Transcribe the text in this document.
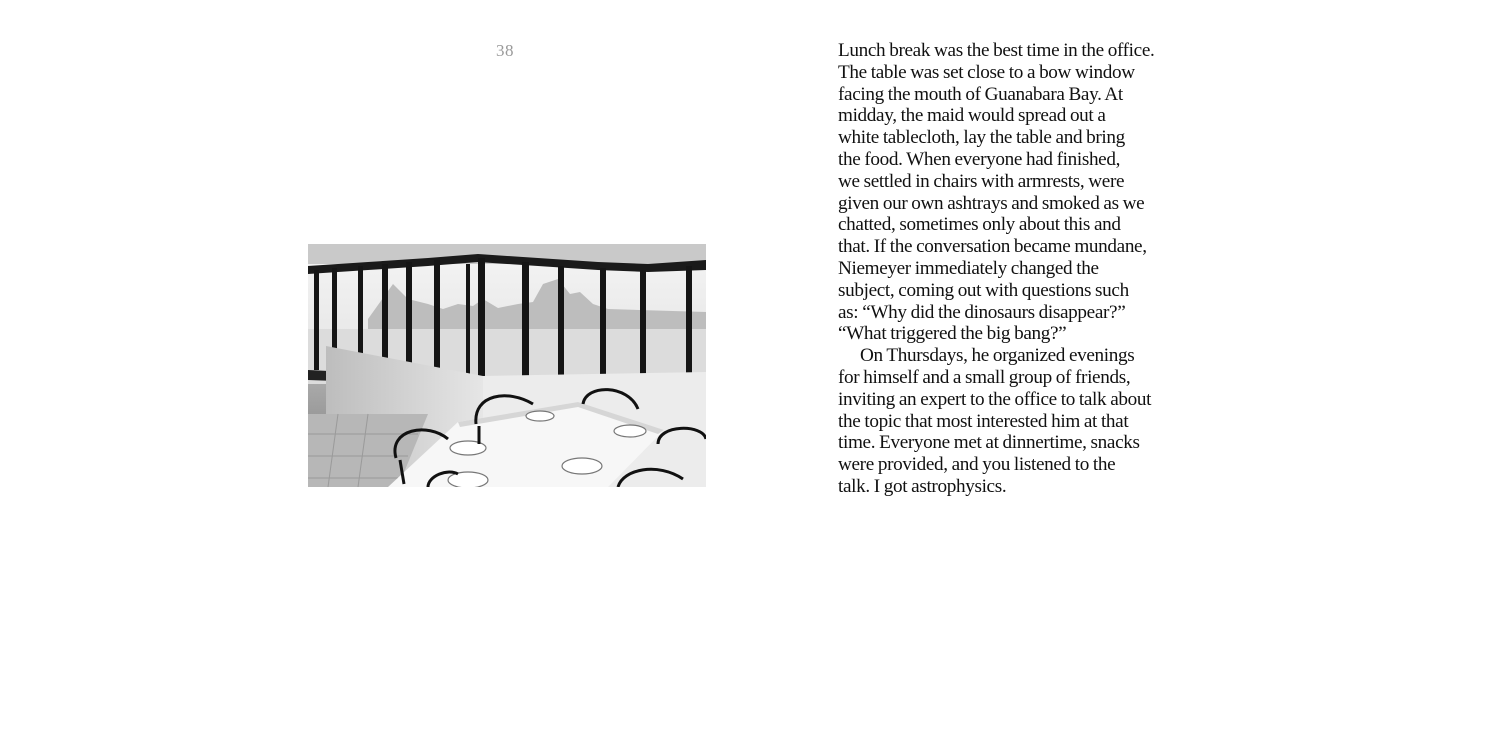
38	Lunch break was the best time in the office.
The table was set close to a bow window
facing the mouth of Guanabara Bay. At
midday, the maid would spread out a
white tablecloth, lay the table and bring
the food. When everyone had finished,
we settled in chairs with armrests, were
given our own ashtrays and smoked as we
chatted, sometimes only about this and
that. If the conversation became mundane,
Niemeyer immediately changed the
subject, coming out with questions such
as: “Why did the dinosaurs disappear?”
“What triggered the big bang?”
On Thursdays, he organized evenings
for himself and a small group of friends,
inviting an expert to the office to talk about
the topic that most interested him at that
time. Everyone met at dinnertime, snacks
were provided, and you listened to the
talk. I got astrophysics.
